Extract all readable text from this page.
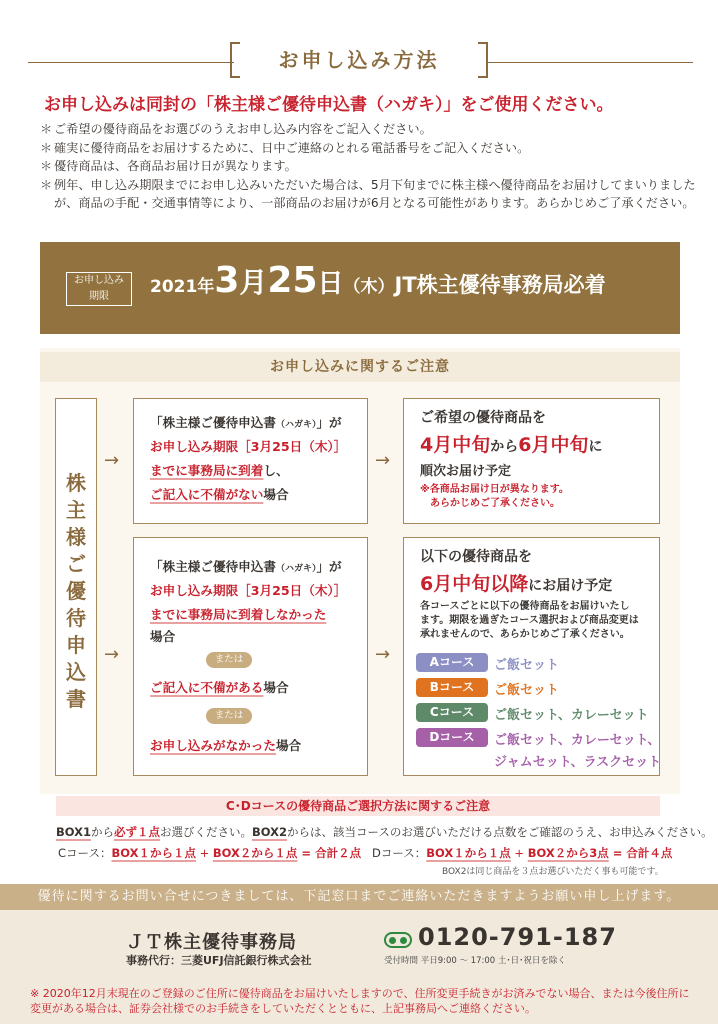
お申し込み方法
お申し込みは同封の「株主様ご優待申込書（ハガキ）」をご使用ください。
＊ ご希望の優待商品をお選びのうえお申し込み内容をご記入ください。
＊ 確実に優待商品をお届けするために、日中ご連絡のとれる電話番号をご記入ください。
＊ 優待商品は、各商品お届け日が異なります。
＊ 例年、申し込み期限までにお申し込みいただいた場合は、5月下旬までに株主様へ優待商品をお届けしてまいりましたが、商品の手配・交通事情等により、一部商品のお届けが6月となる可能性があります。あらかじめご了承ください。
お申し込み
期限	2021年3月25日（木）JT株主優待事務局必着
お申し込みに関するご注意
株
主
様
ご
優
待
申
込
書
→
→
→
→
「株主様ご優待申込書（ハガキ）」が
お申し込み期限［3月25日（木）］
までに事務局に到着し、
ご記入に不備がない場合
「株主様ご優待申込書（ハガキ）」が
お申し込み期限［3月25日（木）］
までに事務局に到着しなかった
場合
または
ご記入に不備がある場合
または
お申し込みがなかった場合
ご希望の優待商品を
4月中旬から6月中旬に
順次お届け予定
※各商品お届け日が異なります。
あらかじめご了承ください。
以下の優待商品を
6月中旬以降にお届け予定
各コースごとに以下の優待商品をお届けいたし
ます。期限を過ぎたコース選択および商品変更は
承れませんので、あらかじめご了承ください。
Aコース	ご飯セット
Bコース	ご飯セット
Cコース	ご飯セット、カレーセット
Dコース	ご飯セット、カレーセット、
ジャムセット、ラスクセット
C･Dコースの優待商品ご選択方法に関するご注意
BOX1から必ず１点お選びください。BOX2からは、該当コースのお選びいただける点数をご確認のうえ、お申込みください。
Cコース：BOX１から１点 + BOX２から１点 = 合計２点 Dコース：BOX１から１点 + BOX２から3点 = 合計４点
BOX2は同じ商品を３点お選びいただく事も可能です。
優待に関するお問い合せにつきましては、下記窓口までご連絡いただきますようお願い申し上げます。
ＪＴ株主優待事務局
事務代行：三菱UFJ信託銀行株式会社
0120-791-187
受付時間 平日9:00 ～ 17:00 土･日･祝日を除く
※ 2020年12月末現在のご登録のご住所に優待商品をお届けいたしますので、住所変更手続きがお済みでない場合、または今後住所に変更がある場合は、証券会社様でのお手続きをしていただくとともに、上記事務局へご連絡ください。
